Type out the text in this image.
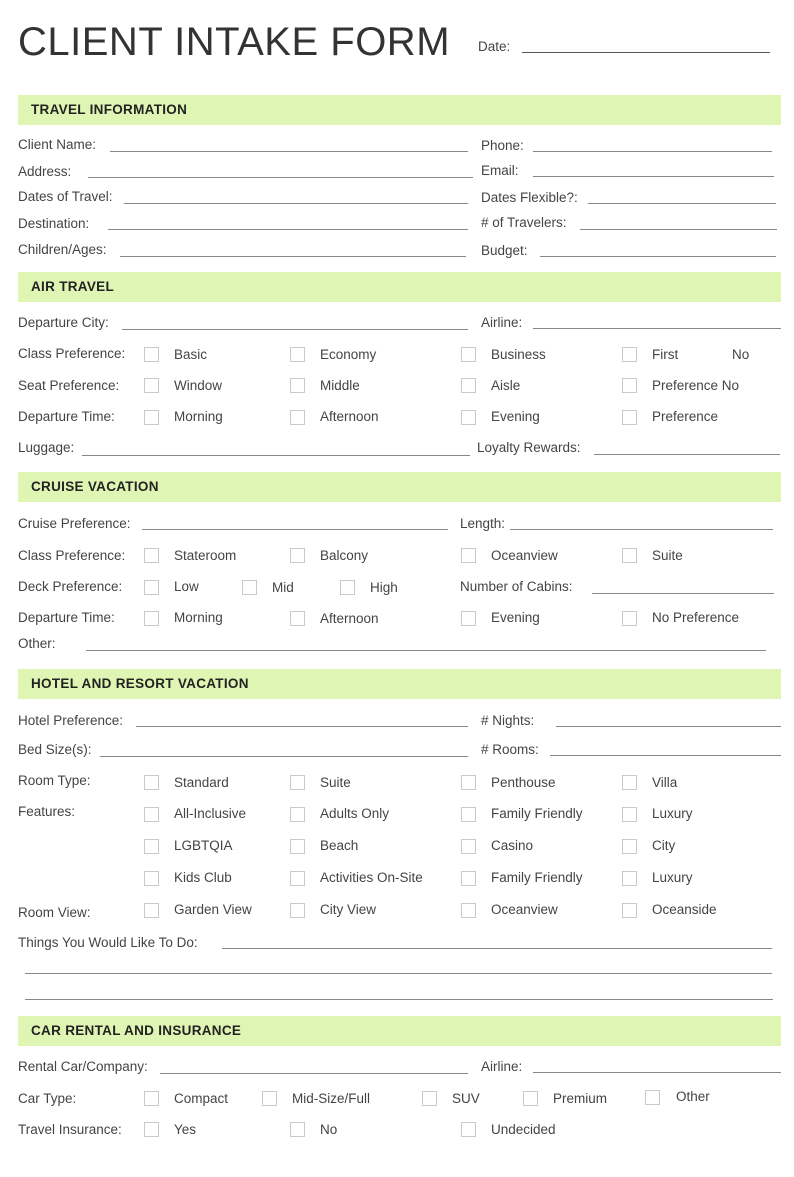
CLIENT INTAKE FORM Date:
TRAVEL INFORMATION
Client Name:	Phone:
Address:	Email:
Dates of Travel:	Dates Flexible?:
Destination:	# of Travelers:
Children/Ages:	Budget:
AIR TRAVEL
Departure City:	Airline:
Class Preference:	Basic	Economy	Business	First	No
Seat Preference:	Window	Middle	Aisle	Preference No
Departure Time:	Morning	Afternoon	Evening	Preference
Luggage:	Loyalty Rewards:
CRUISE VACATION
Cruise Preference:	Length:
Class Preference:	Stateroom	Balcony	Oceanview	Suite
Deck Preference:	Low	Mid	High	Number of Cabins:
Departure Time:	Morning	Afternoon	Evening	No Preference
Other:
HOTEL AND RESORT VACATION
Hotel Preference:	# Nights:
Bed Size(s):	# Rooms:
Room Type:	Standard	Suite	Penthouse	Villa
Features:	All-Inclusive	Adults Only	Family Friendly	Luxury
LGBTQIA	Beach	Casino	City
Kids Club	Activities On-Site	Family Friendly	Luxury
Room View:	Garden View	City View	Oceanview	Oceanside
Things You Would Like To Do:
CAR RENTAL AND INSURANCE
Rental Car/Company:	Airline:
Car Type:	Compact	Mid-Size/Full	SUV	Premium	Other
Travel Insurance:	Yes	No	Undecided
